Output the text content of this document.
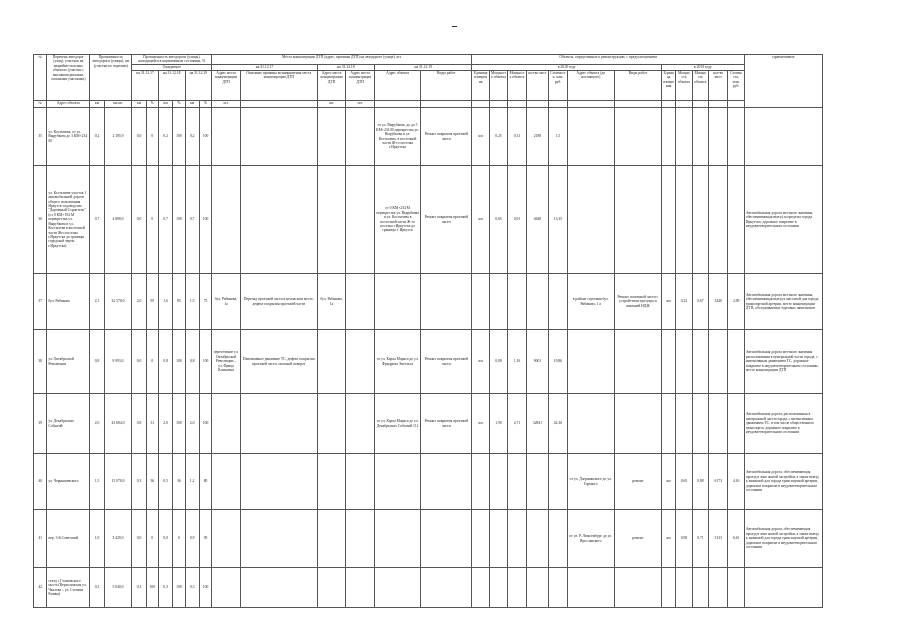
№	Перечень автодорог (улиц), участков на аварийно-опасных объектах (участки с высокими рисками, опасными участками)	Протяженность автодороги (улицы), км (участки по перечню)		Протяженность автодороги (улицы), находящейся в нормативном состоянии, %						Места концентрации ДТП (адрес, причины ДТП) на автодороге (улице), шт.						Объекты, определенные к реконструкции, с предусмотрением												примечание
				Ожидаемое						на 31.12.17		на 31.12.18		на 31.12.19		в 2018 году							в 2019 году					
				на 31.12.17		на 31.12.18		на 31.12.19		Адрес места концентрации ДТП	Описание причины возникновения места концентрации ДТП	Адрес места концентрации ДТП	Адрес места концентрации ДТП	Адрес объекта	Виды работ	Единица измерения	Мощность объекта	Мощность объекта	кол-во мест	Стоимость, млн. руб.	Адрес объекта (до настоящего)	Виды работ	Единица измерения	Мощность объекта	Мощность объекта	кол-во мест	Стоимость, млн. руб.	
№	Адрес объекта	км	км.кв.	км	%	км	%	км	%	шт.		шт.	шт.															
35	ул. Костычева, от ул. Вырубкова до 3 КМ+234 М	0,2	2 185,9	0,0	0	0,2	100	0,2	100					от ул. Вырубкова, до до 3 КМ+234 М перекрестка ул. Вырубкова и ул. Костычева, в восточной части Ж-го поселка г.Иркутска	Ремонт покрытия проезжей части	км	0,25	0,31	2180	1,5								
36	ул. Костычева участок 1 автомобильной дороги общего пользования Иркутск-садоводство "Дорожный Строитель" (от 0 КМ+194 М перекрестка ул. Вырубкова и ул. Костычева в восточной части Жго поселка г.Иркутска до границы городской черты г.Иркутска)	0,7	4 880,0	0,0	0	0,7	100	0,7	100					от 0 КМ+234 М перекрестка ул. Вырубкова и ул. Костычева в восточной части Ж-го поселка г.Иркутска до границы г. Иркутск	Ремонт покрытия проезжей части	км	0,65	0,91	4640	13,35								Автомобильная дорога местного значения, обеспечивающая выезд за пределы города Иркутска, дорожное покрытие в неудовлетворительном состоянии
37	бул. Рябикова	2,1	32 570,0	2,0	95	1,6	85	1,5	75	бул. Рябикова, 1а	Перепад проезжей части в неопасном месте, дефект покрытия проезжей части	бул. Рябикова, 1а									в районе строения бул. Рябикова, 1 а	Ремонт оплошной части с устройством тротуара и шамоней НДЖ	км	0,22	0,67	3240	2,09	Автомобильная дорога местного значения, обеспечивающая выезд к массовой для города транспортной артерии, место концентрации ДТП, обслуживаемых торговых павильонов
38	ул. Октябрьской Революции	0,8	8 993,0	0,0	0	0,8	100	0,8	100	пересечение ул. Октябрьской Революции – ул. Фрица Кламмена	Интенсивное движение ТС, дефект покрытия проезжей части, опасный поворот			от ул. Карла Маркса до ул. Фридриха Энгельса	Ремонт покрытия проезжей части	км	0,80	1,16	9001	19,86								Автомобильная дорога местного значения расположенная в центральной части города, с интенсивным движением ТС, дорожное покрытие в неудовлетворительном состоянии, место концентрации ДТП
39	ул. Декабрьских Событий	2,0	43 684,0	0,8	31	2,0	100	2,0	100					от ул. Карла Маркса до ул. Декабрьских Событий 112	Ремонт покрытия проезжей части	км	1,90	4,71	32841	42,36								Автомобильная дорога, расположенная в центральной части города, с интенсивным движением ТС, в том числе общественного транспорта, дорожное покрытие в неудовлетворительном состоянии
40	ул. Чернышевского	1,5	15 070,0	0,3	36	0,5	36	1,2	80												от ул. Дзержинского до ул. Горького	ремонт	км	0,65	0,88	6173	4,16	Автомобильная дорога, обеспечивающая проезд в зоне жилой застройки, а также выезд к значимой для города транспортной артерии, дорожное покрытие в неудовлетворительном состоянии
41	пер. 3-й Советский	1,0	3 420,0	0,0	0	0,0	0	0,9	95												от ул. Р. Люксембург до ул. Ярославского	ремонт	км	0,90	0,71	3133	6,61	Автомобильная дорога, обеспечивающая проезд в зоне жилой застройки, а также выезд к значимой для города транспортной артерии, дорожное покрытие в неудовлетворительном состоянии
42	съезд с Глазковского моста (Верхоленская ул. Чкалова – ул. Степана Разина)	0,3	5 040,0	0,3	100	0,3	100	0,3	100																			
